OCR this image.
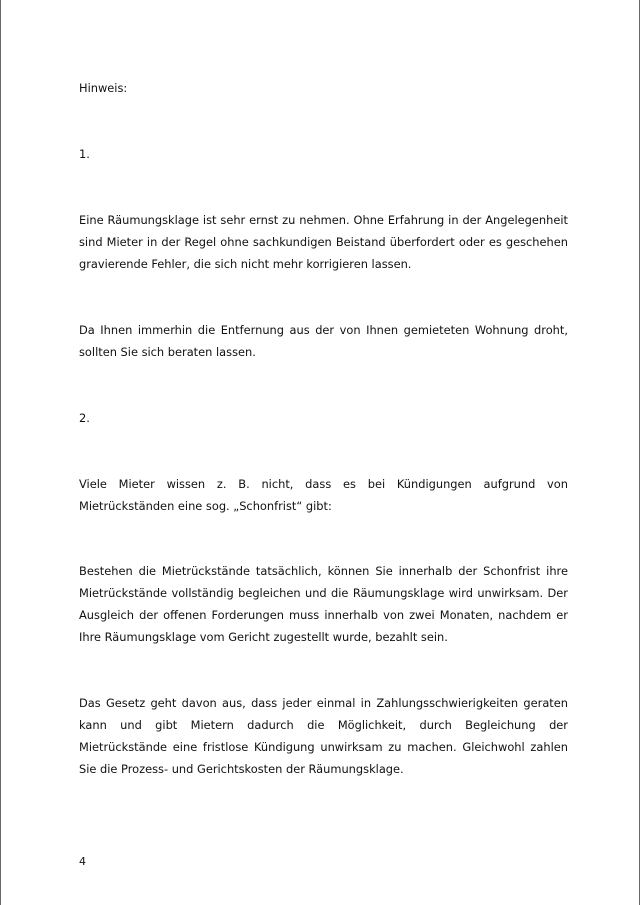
Hinweis:

1.

Eine Räumungsklage ist sehr ernst zu nehmen. Ohne Erfahrung in der Angelegenheit sind Mieter in der Regel ohne sachkundigen Beistand überfordert oder es geschehen gravierende Fehler, die sich nicht mehr korrigieren lassen.

Da Ihnen immerhin die Entfernung aus der von Ihnen gemieteten Wohnung droht, sollten Sie sich beraten lassen.

2.

Viele Mieter wissen z. B. nicht, dass es bei Kündigungen aufgrund von Mietrückständen eine sog. „Schonfrist“ gibt:

Bestehen die Mietrückstände tatsächlich, können Sie innerhalb der Schonfrist ihre Mietrückstände vollständig begleichen und die Räumungsklage wird unwirksam. Der Ausgleich der offenen Forderungen muss innerhalb von zwei Monaten, nachdem er Ihre Räumungsklage vom Gericht zugestellt wurde, bezahlt sein.

Das Gesetz geht davon aus, dass jeder einmal in Zahlungsschwierigkeiten geraten kann und gibt Mietern dadurch die Möglichkeit, durch Begleichung der Mietrückstände eine fristlose Kündigung unwirksam zu machen. Gleichwohl zahlen Sie die Prozess- und Gerichtskosten der Räumungsklage.

4
